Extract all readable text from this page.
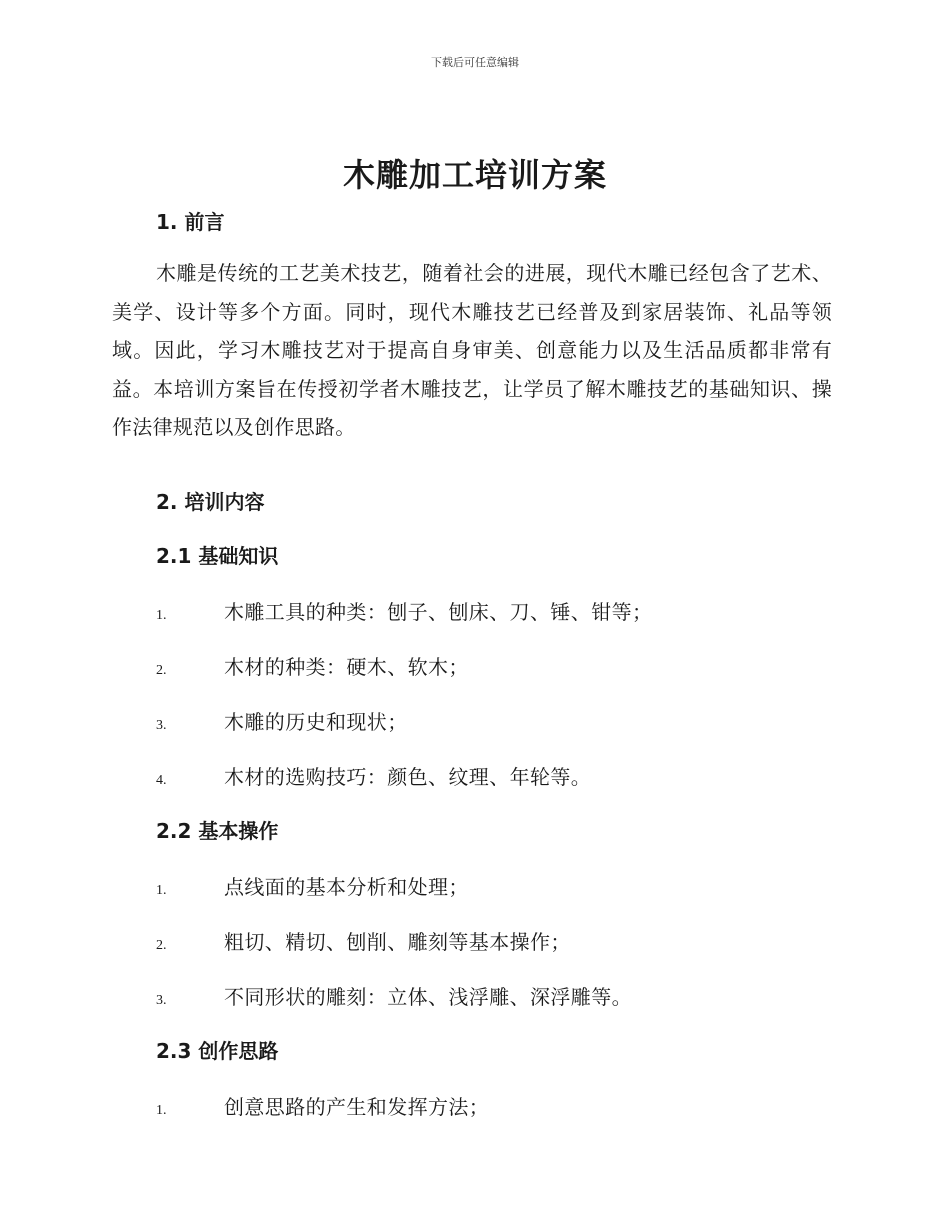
下载后可任意编辑
木雕加工培训方案
1. 前言
木雕是传统的工艺美术技艺，随着社会的进展，现代木雕已经包含了艺术、美学、设计等多个方面。同时，现代木雕技艺已经普及到家居装饰、礼品等领域。因此，学习木雕技艺对于提高自身审美、创意能力以及生活品质都非常有益。本培训方案旨在传授初学者木雕技艺，让学员了解木雕技艺的基础知识、操作法律规范以及创作思路。
2. 培训内容
2.1 基础知识
1.	木雕工具的种类：刨子、刨床、刀、锤、钳等；
2.	木材的种类：硬木、软木；
3.	木雕的历史和现状；
4.	木材的选购技巧：颜色、纹理、年轮等。
2.2 基本操作
1.	点线面的基本分析和处理；
2.	粗切、精切、刨削、雕刻等基本操作；
3.	不同形状的雕刻：立体、浅浮雕、深浮雕等。
2.3 创作思路
1.	创意思路的产生和发挥方法；
